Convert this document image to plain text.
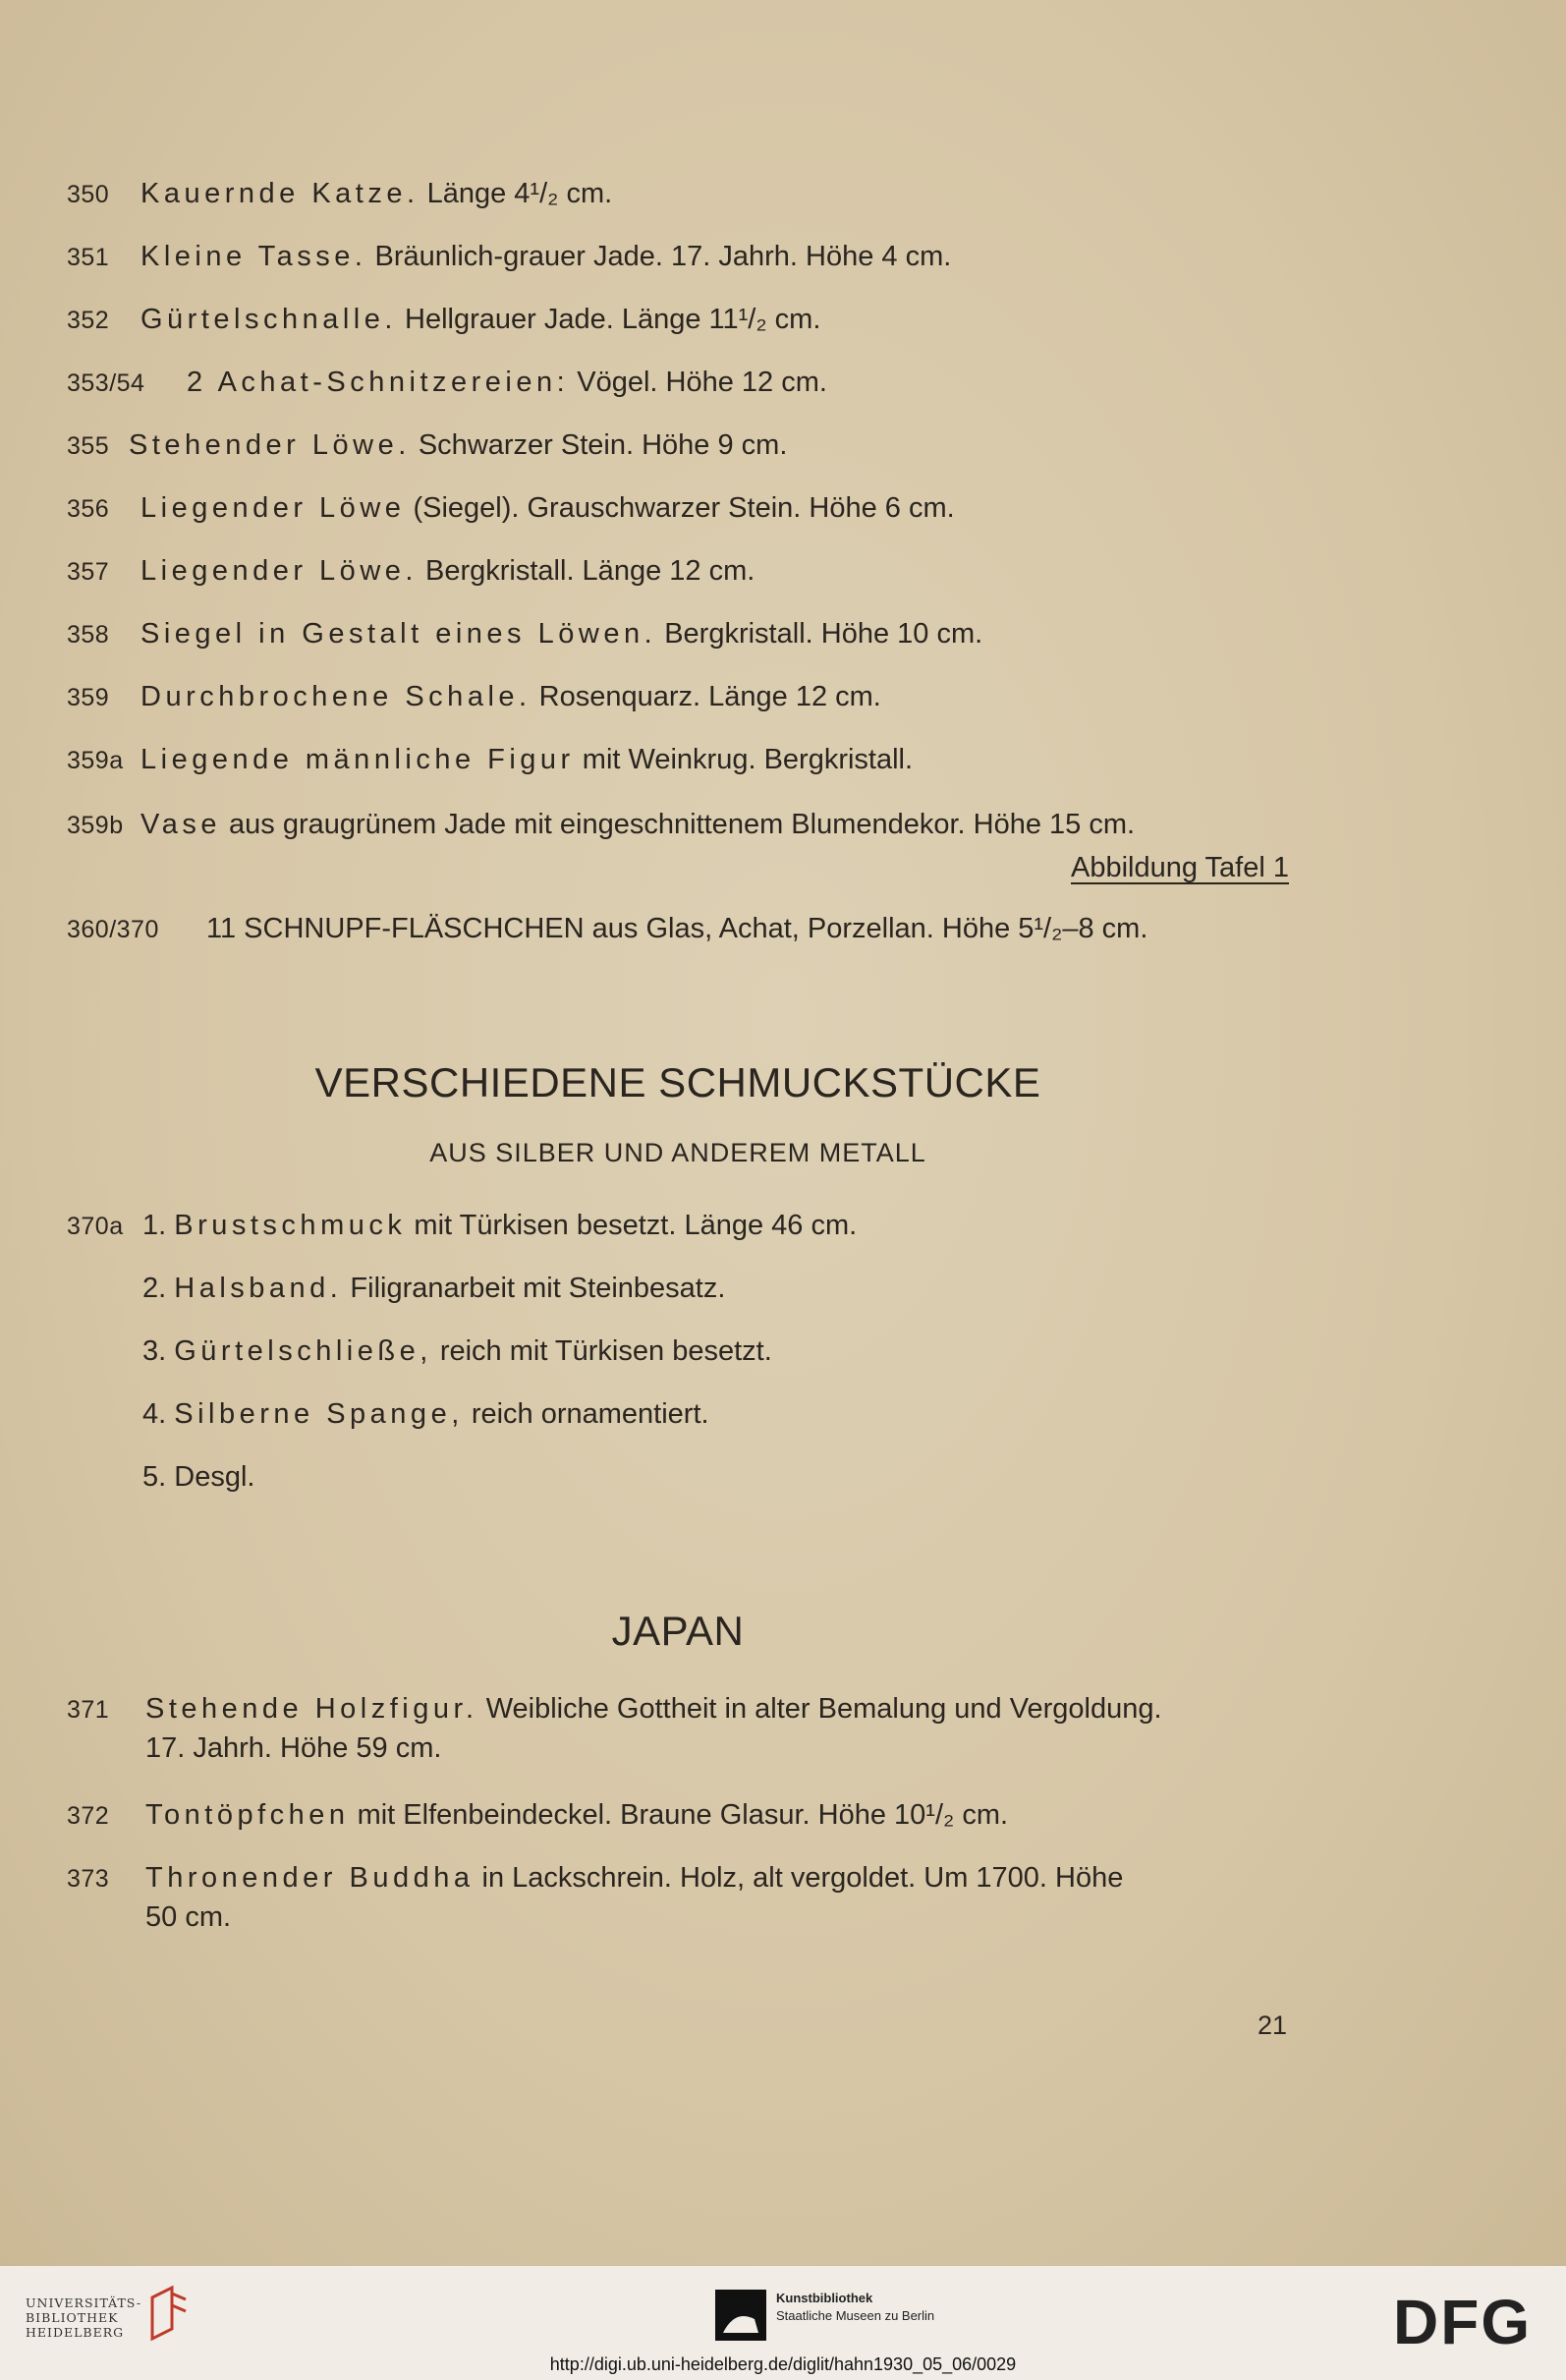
350 Kauernde Katze. Länge 4¹/₂ cm.
351 Kleine Tasse. Bräunlich-grauer Jade. 17. Jahrh. Höhe 4 cm.
352 Gürtelschnalle. Hellgrauer Jade. Länge 11¹/₂ cm.
353/54 2 Achat-Schnitzereien: Vögel. Höhe 12 cm.
355 Stehender Löwe. Schwarzer Stein. Höhe 9 cm.
356 Liegender Löwe (Siegel). Grauschwarzer Stein. Höhe 6 cm.
357 Liegender Löwe. Bergkristall. Länge 12 cm.
358 Siegel in Gestalt eines Löwen. Bergkristall. Höhe 10 cm.
359 Durchbrochene Schale. Rosenquarz. Länge 12 cm.
359a Liegende männliche Figur mit Weinkrug. Bergkristall.
359b Vase aus graugrünem Jade mit eingeschnittenem Blumendekor. Höhe 15 cm.
Abbildung Tafel 1
360/370 11 SCHNUPF-FLÄSCHCHEN aus Glas, Achat, Porzellan. Höhe 5¹/₂–8 cm.
VERSCHIEDENE SCHMUCKSTÜCKE
AUS SILBER UND ANDEREM METALL
370a 1. Brustschmuck mit Türkisen besetzt. Länge 46 cm.
2. Halsband. Filigranarbeit mit Steinbesatz.
3. Gürtelschließe, reich mit Türkisen besetzt.
4. Silberne Spange, reich ornamentiert.
5. Desgl.
JAPAN
371 Stehende Holzfigur. Weibliche Gottheit in alter Bemalung und Vergoldung.
17. Jahrh. Höhe 59 cm.
372 Tontöpfchen mit Elfenbeindeckel. Braune Glasur. Höhe 10¹/₂ cm.
373 Thronender Buddha in Lackschrein. Holz, alt vergoldet. Um 1700. Höhe
50 cm.
21
UNIVERSITÄTS-
BIBLIOTHEK
HEIDELBERG
Kunstbibliothek
Staatliche Museen zu Berlin	DFG
http://digi.ub.uni-heidelberg.de/diglit/hahn1930_05_06/0029
